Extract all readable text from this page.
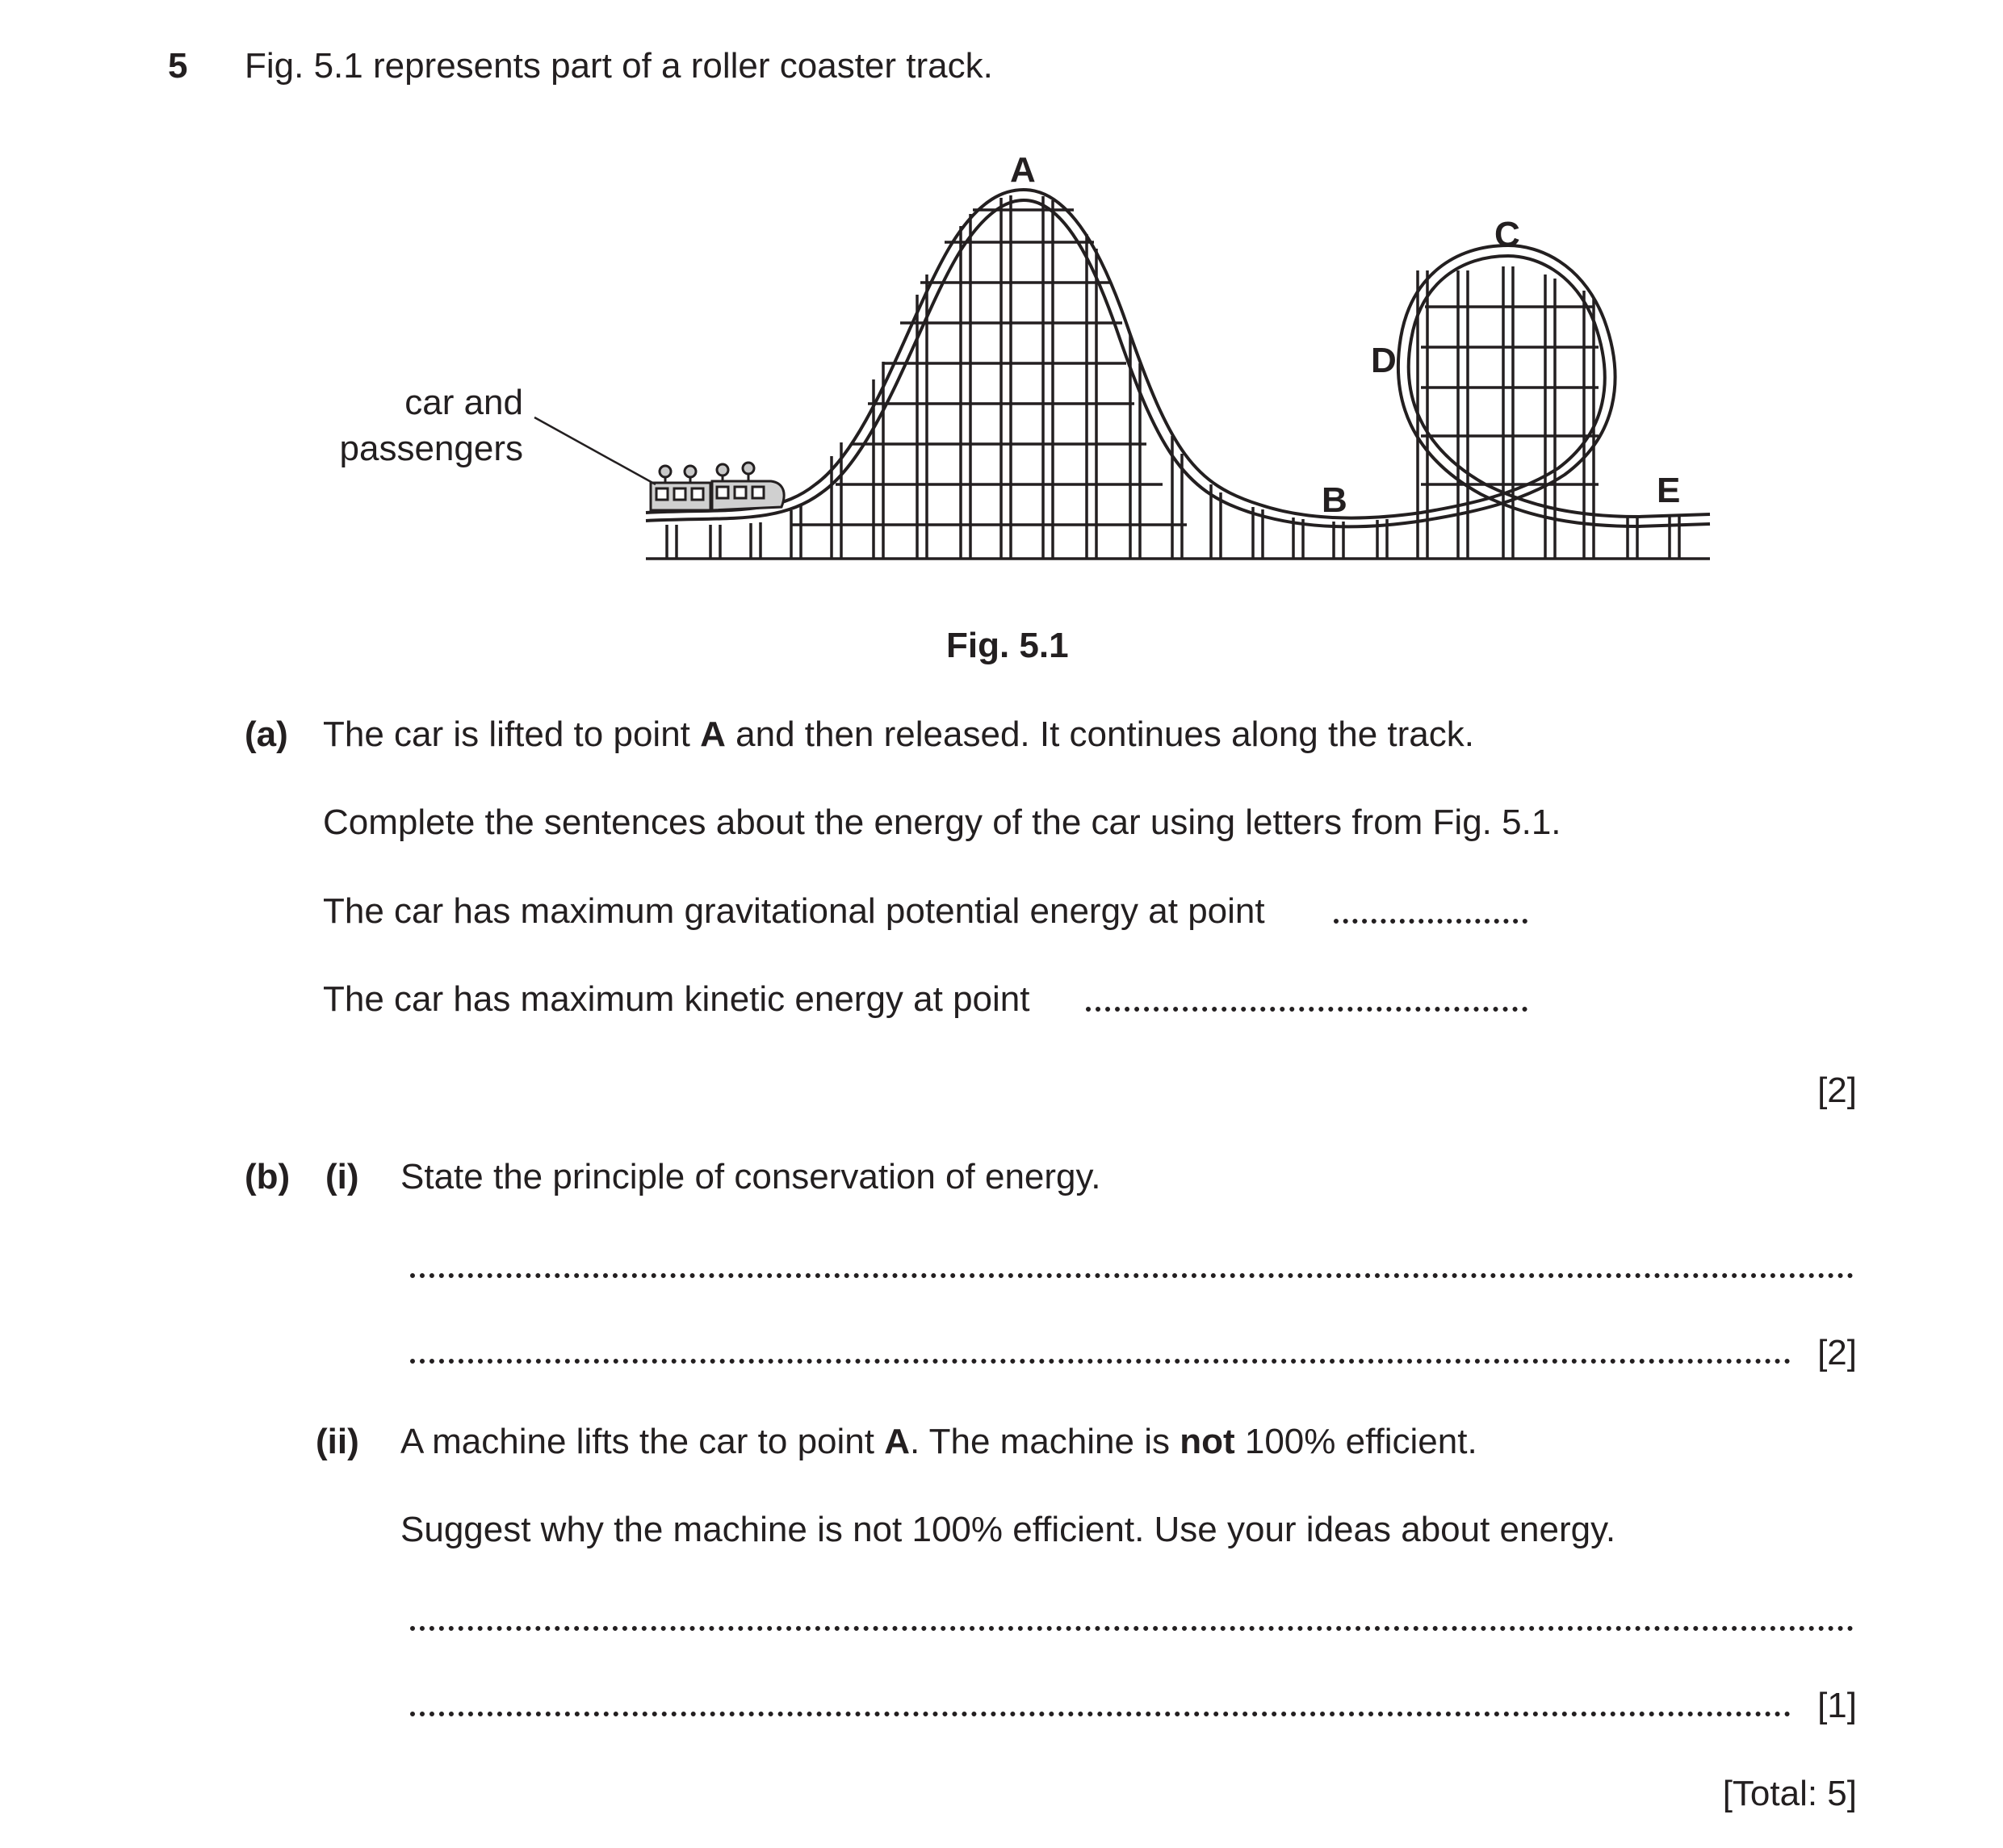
5 Fig. 5.1 represents part of a roller coaster track.
car and
passengers
A
B
C
D
E
Fig. 5.1
(a) The car is lifted to point A and then released. It continues along the track.
Complete the sentences about the energy of the car using letters from Fig. 5.1.
The car has maximum gravitational potential energy at point
The car has maximum kinetic energy at point
[2]
(b) (i) State the principle of conservation of energy.
[2]
(ii) A machine lifts the car to point A. The machine is not 100% efficient.
Suggest why the machine is not 100% efficient. Use your ideas about energy.
[1]
[Total: 5]
